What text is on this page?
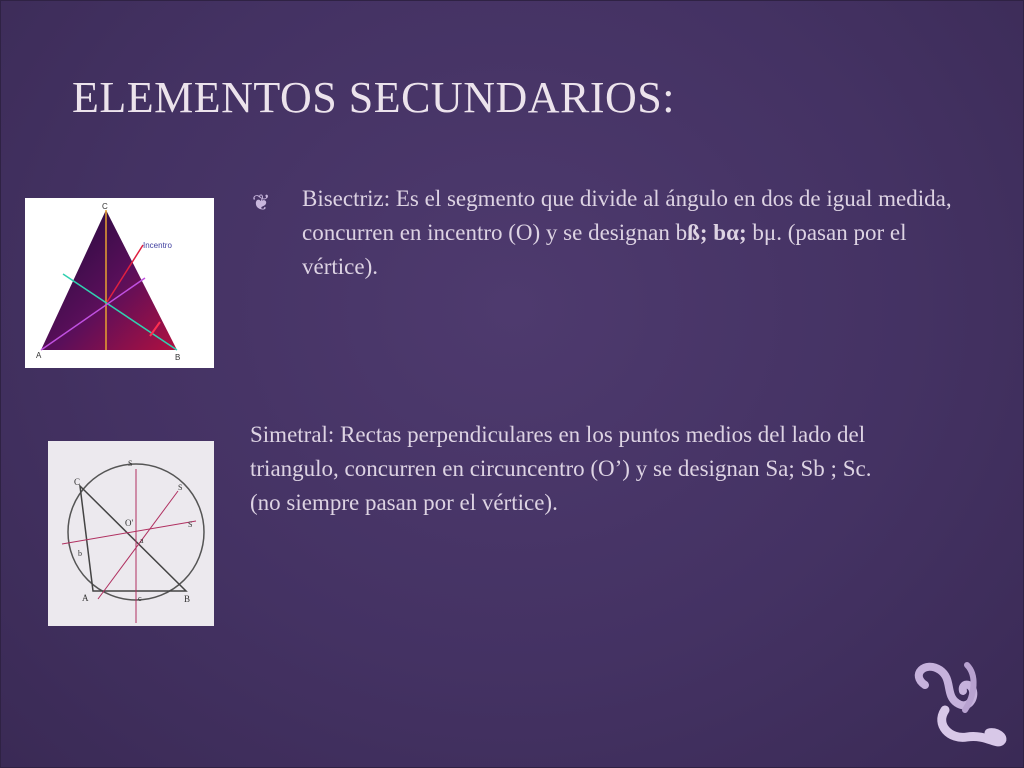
ELEMENTOS SECUNDARIOS:
C
A	B
Incentro
❦ Bisectriz: Es el segmento que divide al ángulo en dos de igual medida, concurren en incentro (O) y se designan bß; bα; bμ. (pasan por el vértice).

C
A	B
O'
S
S
S
a
b
c

Simetral: Rectas perpendiculares en los puntos medios del lado del triangulo, concurren en circuncentro (O’) y se designan Sa; Sb ; Sc. (no siempre pasan por el vértice).
